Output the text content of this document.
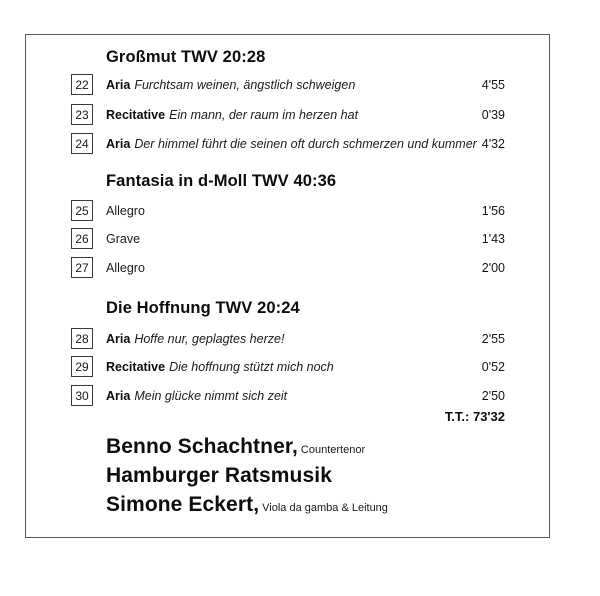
Großmut TWV 20:28
22 Aria Furchtsam weinen, ängstlich schweigen	4'55
23 Recitative Ein mann, der raum im herzen hat	0'39
24 Aria Der himmel führt die seinen oft durch schmerzen und kummer 4'32
Fantasia in d-Moll TWV 40:36
25 Allegro	1'56
26 Grave	1'43
27 Allegro	2'00
Die Hoffnung TWV 20:24
28 Aria Hoffe nur, geplagtes herze!	2'55
29 Recitative Die hoffnung stützt mich noch	0'52
30 Aria Mein glücke nimmt sich zeit	2'50
T.T.: 73'32
Benno Schachtner, Countertenor
Hamburger Ratsmusik
Simone Eckert, Viola da gamba & Leitung
